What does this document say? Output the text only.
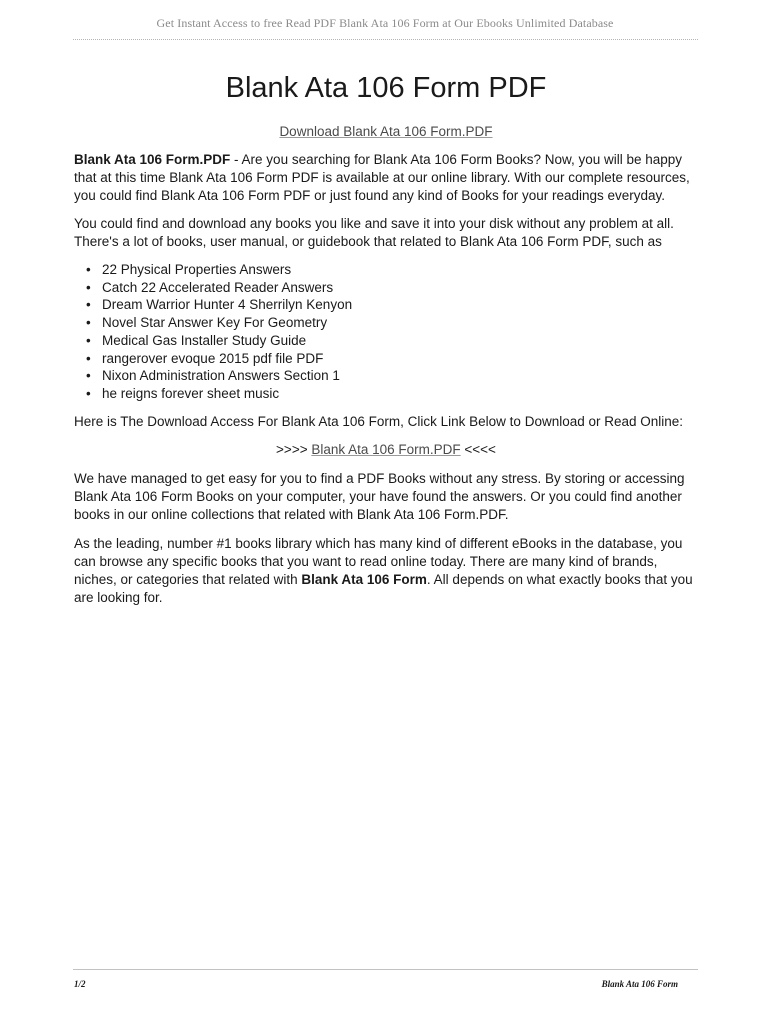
Get Instant Access to free Read PDF Blank Ata 106 Form at Our Ebooks Unlimited Database
Blank Ata 106 Form PDF
Download Blank Ata 106 Form.PDF

Blank Ata 106 Form.PDF - Are you searching for Blank Ata 106 Form Books? Now, you will be happy that at this time Blank Ata 106 Form PDF is available at our online library. With our complete resources, you could find Blank Ata 106 Form PDF or just found any kind of Books for your readings everyday.

You could find and download any books you like and save it into your disk without any problem at all. There's a lot of books, user manual, or guidebook that related to Blank Ata 106 Form PDF, such as

• 22 Physical Properties Answers
• Catch 22 Accelerated Reader Answers
• Dream Warrior Hunter 4 Sherrilyn Kenyon
• Novel Star Answer Key For Geometry
• Medical Gas Installer Study Guide
• rangerover evoque 2015 pdf file PDF
• Nixon Administration Answers Section 1
• he reigns forever sheet music

Here is The Download Access For Blank Ata 106 Form, Click Link Below to Download or Read Online:

>>>> Blank Ata 106 Form.PDF <<<<

We have managed to get easy for you to find a PDF Books without any stress. By storing or accessing Blank Ata 106 Form Books on your computer, your have found the answers. Or you could find another books in our online collections that related with Blank Ata 106 Form.PDF.

As the leading, number #1 books library which has many kind of different eBooks in the database, you can browse any specific books that you want to read online today. There are many kind of brands, niches, or categories that related with Blank Ata 106 Form. All depends on what exactly books that you are looking for.

1/2	Blank Ata 106 Form
